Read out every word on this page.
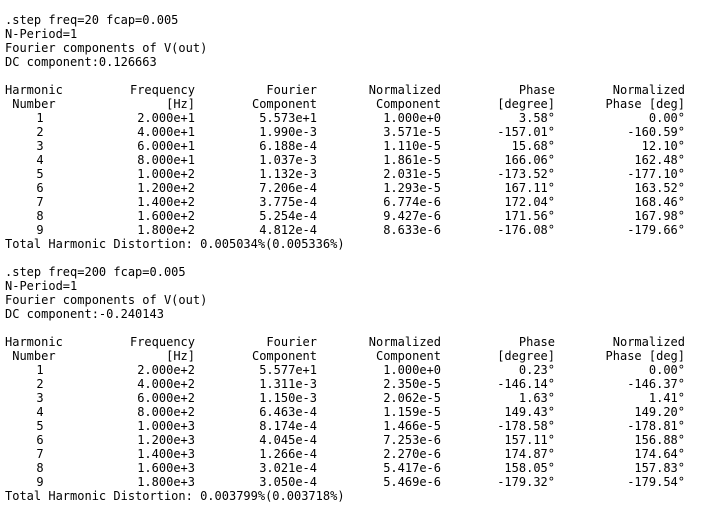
.step freq=20 fcap=0.005
N-Period=1
Fourier components of V(out)
DC component:0.126663
Harmonic	Frequency	Fourier	Normalized	Phase	Normalized
Number	[Hz]	Component	Component	[degree]	Phase [deg]
1	2.000e+1	5.573e+1	1.000e+0	3.58°	0.00°
2	4.000e+1	1.990e-3	3.571e-5	-157.01°	-160.59°
3	6.000e+1	6.188e-4	1.110e-5	15.68°	12.10°
4	8.000e+1	1.037e-3	1.861e-5	166.06°	162.48°
5	1.000e+2	1.132e-3	2.031e-5	-173.52°	-177.10°
6	1.200e+2	7.206e-4	1.293e-5	167.11°	163.52°
7	1.400e+2	3.775e-4	6.774e-6	172.04°	168.46°
8	1.600e+2	5.254e-4	9.427e-6	171.56°	167.98°
9	1.800e+2	4.812e-4	8.633e-6	-176.08°	-179.66°
Total Harmonic Distortion: 0.005034%(0.005336%)
.step freq=200 fcap=0.005
N-Period=1
Fourier components of V(out)
DC component:-0.240143
Harmonic	Frequency	Fourier	Normalized	Phase	Normalized
Number	[Hz]	Component	Component	[degree]	Phase [deg]
1	2.000e+2	5.577e+1	1.000e+0	0.23°	0.00°
2	4.000e+2	1.311e-3	2.350e-5	-146.14°	-146.37°
3	6.000e+2	1.150e-3	2.062e-5	1.63°	1.41°
4	8.000e+2	6.463e-4	1.159e-5	149.43°	149.20°
5	1.000e+3	8.174e-4	1.466e-5	-178.58°	-178.81°
6	1.200e+3	4.045e-4	7.253e-6	157.11°	156.88°
7	1.400e+3	1.266e-4	2.270e-6	174.87°	174.64°
8	1.600e+3	3.021e-4	5.417e-6	158.05°	157.83°
9	1.800e+3	3.050e-4	5.469e-6	-179.32°	-179.54°
Total Harmonic Distortion: 0.003799%(0.003718%)
